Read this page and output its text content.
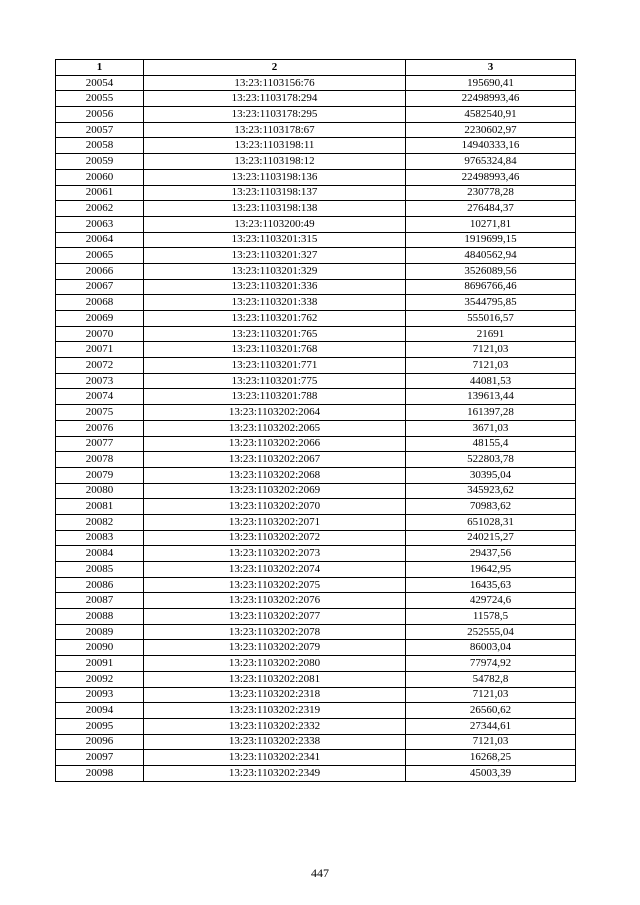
1	2	3
20054	13:23:1103156:76	195690,41
20055	13:23:1103178:294	22498993,46
20056	13:23:1103178:295	4582540,91
20057	13:23:1103178:67	2230602,97
20058	13:23:1103198:11	14940333,16
20059	13:23:1103198:12	9765324,84
20060	13:23:1103198:136	22498993,46
20061	13:23:1103198:137	230778,28
20062	13:23:1103198:138	276484,37
20063	13:23:1103200:49	10271,81
20064	13:23:1103201:315	1919699,15
20065	13:23:1103201:327	4840562,94
20066	13:23:1103201:329	3526089,56
20067	13:23:1103201:336	8696766,46
20068	13:23:1103201:338	3544795,85
20069	13:23:1103201:762	555016,57
20070	13:23:1103201:765	21691
20071	13:23:1103201:768	7121,03
20072	13:23:1103201:771	7121,03
20073	13:23:1103201:775	44081,53
20074	13:23:1103201:788	139613,44
20075	13:23:1103202:2064	161397,28
20076	13:23:1103202:2065	3671,03
20077	13:23:1103202:2066	48155,4
20078	13:23:1103202:2067	522803,78
20079	13:23:1103202:2068	30395,04
20080	13:23:1103202:2069	345923,62
20081	13:23:1103202:2070	70983,62
20082	13:23:1103202:2071	651028,31
20083	13:23:1103202:2072	240215,27
20084	13:23:1103202:2073	29437,56
20085	13:23:1103202:2074	19642,95
20086	13:23:1103202:2075	16435,63
20087	13:23:1103202:2076	429724,6
20088	13:23:1103202:2077	11578,5
20089	13:23:1103202:2078	252555,04
20090	13:23:1103202:2079	86003,04
20091	13:23:1103202:2080	77974,92
20092	13:23:1103202:2081	54782,8
20093	13:23:1103202:2318	7121,03
20094	13:23:1103202:2319	26560,62
20095	13:23:1103202:2332	27344,61
20096	13:23:1103202:2338	7121,03
20097	13:23:1103202:2341	16268,25
20098	13:23:1103202:2349	45003,39
447
